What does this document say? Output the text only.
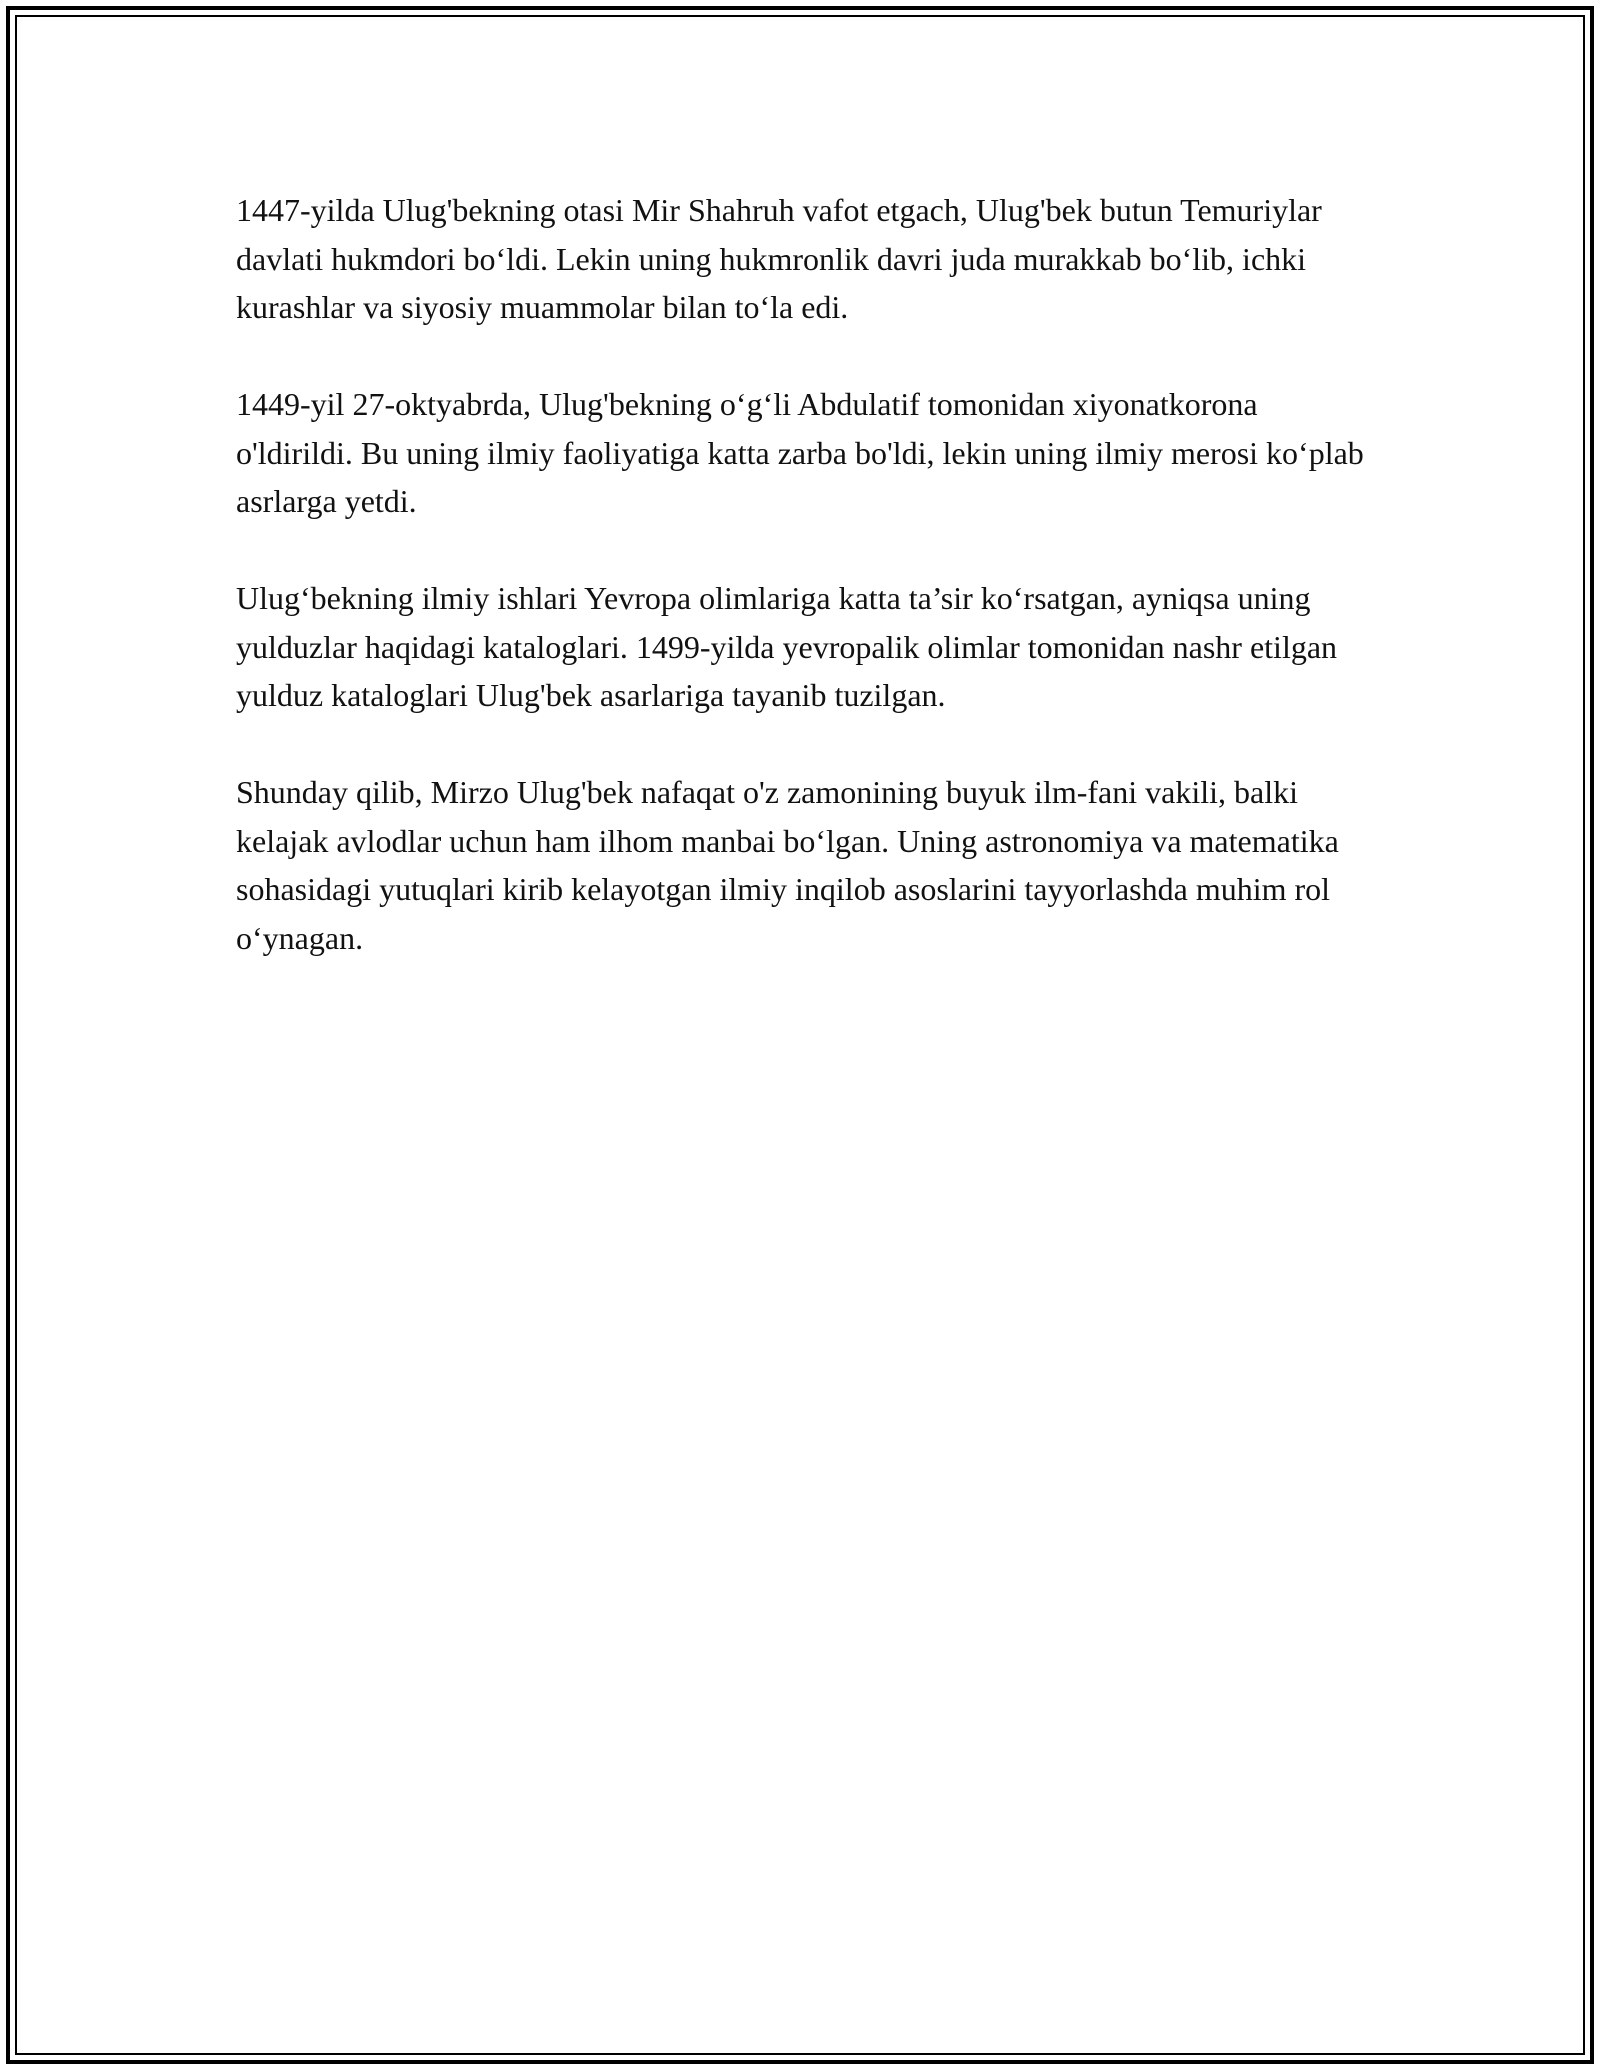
1447-yilda Ulug'bekning otasi Mir Shahruh vafot etgach, Ulug'bek butun Temuriylar davlati hukmdori bo‘ldi. Lekin uning hukmronlik davri juda murakkab bo‘lib, ichki kurashlar va siyosiy muammolar bilan to‘la edi.

1449-yil 27-oktyabrda, Ulug'bekning o‘g‘li Abdulatif tomonidan xiyonatkorona o'ldirildi. Bu uning ilmiy faoliyatiga katta zarba bo'ldi, lekin uning ilmiy merosi ko‘plab asrlarga yetdi.

Ulug‘bekning ilmiy ishlari Yevropa olimlariga katta ta’sir ko‘rsatgan, ayniqsa uning yulduzlar haqidagi kataloglari. 1499-yilda yevropalik olimlar tomonidan nashr etilgan yulduz kataloglari Ulug'bek asarlariga tayanib tuzilgan.

Shunday qilib, Mirzo Ulug'bek nafaqat o'z zamonining buyuk ilm-fani vakili, balki kelajak avlodlar uchun ham ilhom manbai bo‘lgan. Uning astronomiya va matematika sohasidagi yutuqlari kirib kelayotgan ilmiy inqilob asoslarini tayyorlashda muhim rol o‘ynagan.
